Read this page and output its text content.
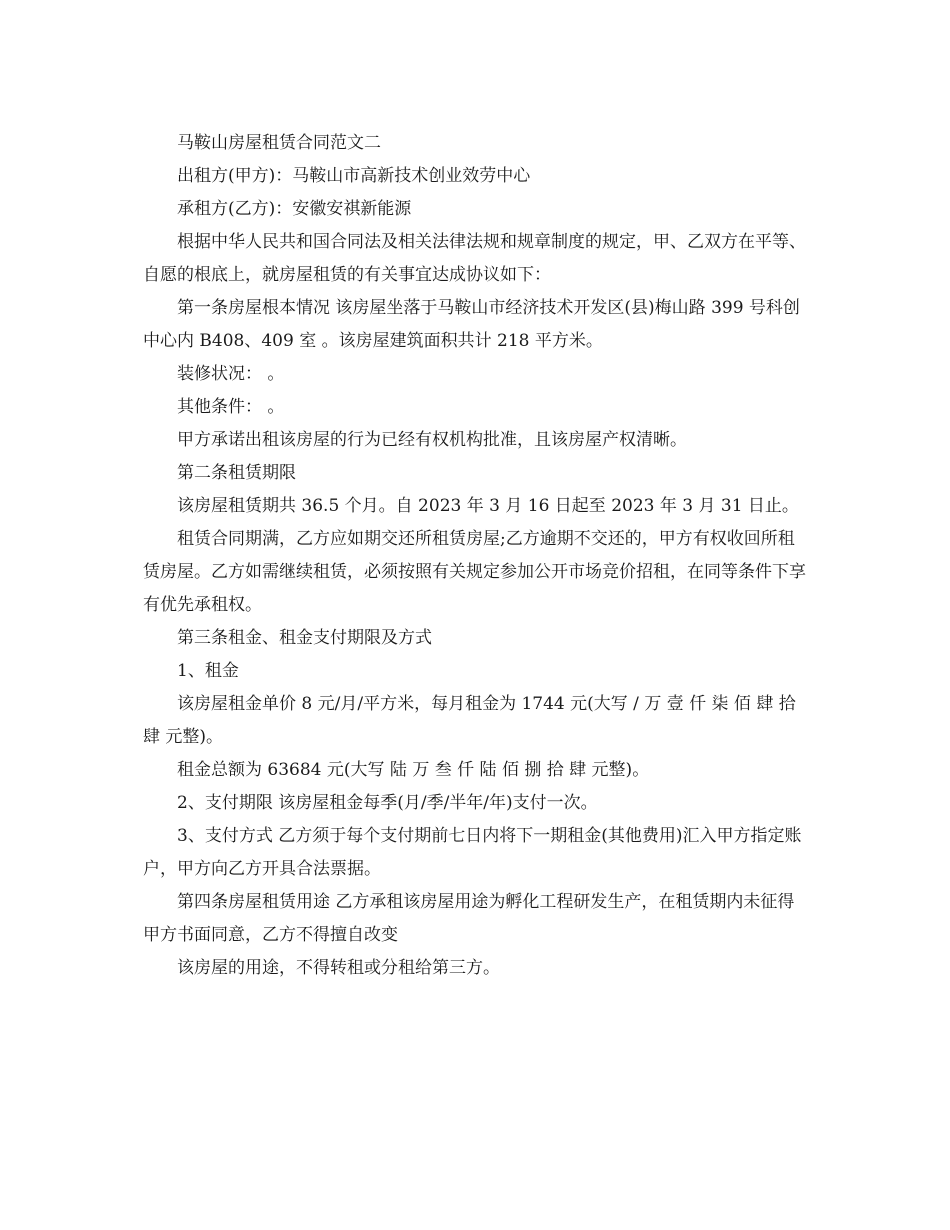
马鞍山房屋租赁合同范文二

出租方(甲方)：马鞍山市高新技术创业效劳中心

承租方(乙方)：安徽安祺新能源

根据中华人民共和国合同法及相关法律法规和规章制度的规定，甲、乙双方在平等、自愿的根底上，就房屋租赁的有关事宜达成协议如下：

第一条房屋根本情况 该房屋坐落于马鞍山市经济技术开发区(县)梅山路 399 号科创中心内 B408、409 室 。该房屋建筑面积共计 218 平方米。

装修状况： 。

其他条件： 。

甲方承诺出租该房屋的行为已经有权机构批准，且该房屋产权清晰。

第二条租赁期限

该房屋租赁期共 36.5 个月。自 2023 年 3 月 16 日起至 2023 年 3 月 31 日止。

租赁合同期满，乙方应如期交还所租赁房屋;乙方逾期不交还的，甲方有权收回所租赁房屋。乙方如需继续租赁，必须按照有关规定参加公开市场竞价招租，在同等条件下享有优先承租权。

第三条租金、租金支付期限及方式

1、租金

该房屋租金单价 8 元/月/平方米，每月租金为 1744 元(大写 / 万 壹 仟 柒 佰 肆 拾 肆 元整)。

租金总额为 63684 元(大写 陆 万 叁 仟 陆 佰 捌 拾 肆 元整)。

2、支付期限 该房屋租金每季(月/季/半年/年)支付一次。

3、支付方式 乙方须于每个支付期前七日内将下一期租金(其他费用)汇入甲方指定账户，甲方向乙方开具合法票据。

第四条房屋租赁用途 乙方承租该房屋用途为孵化工程研发生产，在租赁期内未征得甲方书面同意，乙方不得擅自改变

该房屋的用途，不得转租或分租给第三方。
